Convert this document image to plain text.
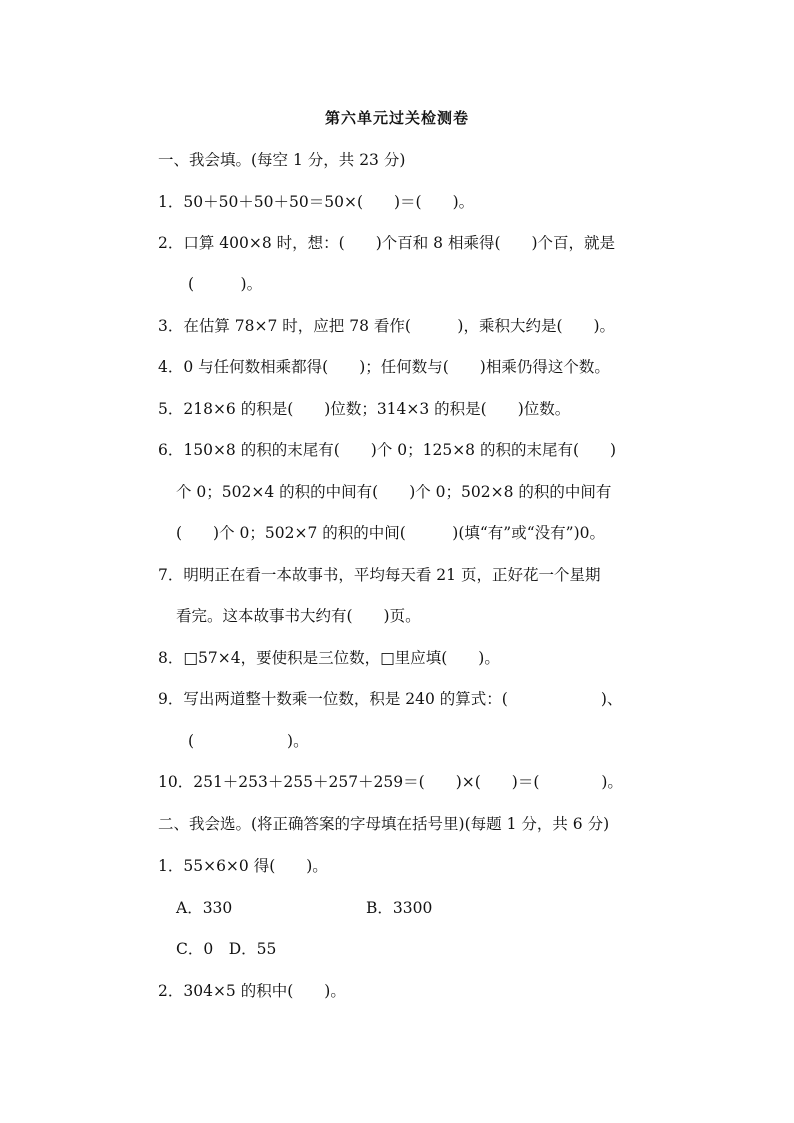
第六单元过关检测卷
一、我会填。(每空 1 分，共 23 分)
1．50＋50＋50＋50＝50×(　　)＝(　　)。
2．口算 400×8 时，想：(　　)个百和 8 相乘得(　　)个百，就是
(　　　)。
3．在估算 78×7 时，应把 78 看作(　　　)，乘积大约是(　　)。
4．0 与任何数相乘都得(　　)；任何数与(　　)相乘仍得这个数。
5．218×6 的积是(　　)位数；314×3 的积是(　　)位数。
6．150×8 的积的末尾有(　　)个 0；125×8 的积的末尾有(　　)
个 0；502×4 的积的中间有(　　)个 0；502×8 的积的中间有
(　　)个 0；502×7 的积的中间(　　　)(填“有”或“没有”)0。
7．明明正在看一本故事书，平均每天看 21 页，正好花一个星期
看完。这本故事书大约有(　　)页。
8．□57×4，要使积是三位数，□里应填(　　)。
9．写出两道整十数乘一位数，积是 240 的算式：(　　　　　　)、
(　　　　　　)。
10．251＋253＋255＋257＋259＝(　　)×(　　)＝(　　　　)。
二、我会选。(将正确答案的字母填在括号里)(每题 1 分，共 6 分)
1．55×6×0 得(　　)。
A．330	B．3300
C．0　D．55
2．304×5 的积中(　　)。
